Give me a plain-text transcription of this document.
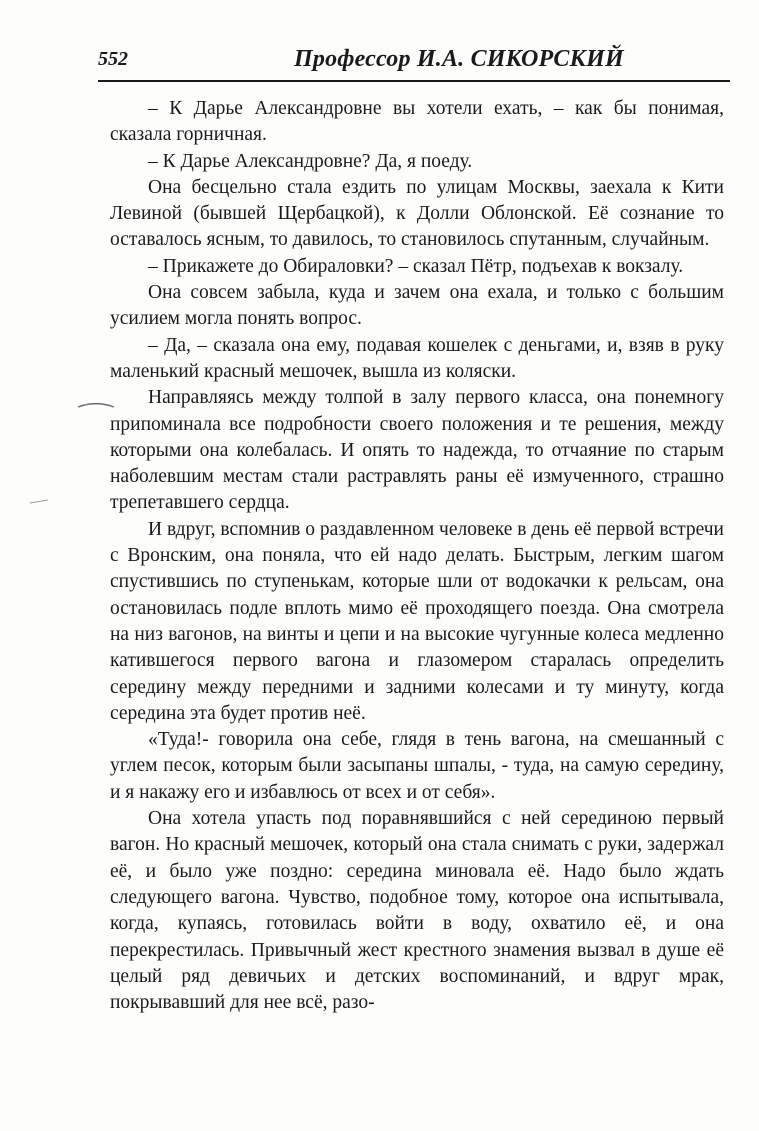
552	Профессор И.А. СИКОРСКИЙ

– К Дарье Александровне вы хотели ехать, – как бы понимая, сказала горничная.

– К Дарье Александровне? Да, я поеду.

Она бесцельно стала ездить по улицам Москвы, заехала к Кити Левиной (бывшей Щербацкой), к Долли Облонской. Её сознание то оставалось ясным, то давилось, то становилось спутанным, случайным.

– Прикажете до Обираловки? – сказал Пётр, подъехав к вокзалу.

Она совсем забыла, куда и зачем она ехала, и только с большим усилием могла понять вопрос.

– Да, – сказала она ему, подавая кошелек с деньгами, и, взяв в руку маленький красный мешочек, вышла из коляски.

Направляясь между толпой в залу первого класса, она понемногу припоминала все подробности своего положения и те решения, между которыми она колебалась. И опять то надежда, то отчаяние по старым наболевшим местам стали растравлять раны её измученного, страшно трепетавшего сердца.

И вдруг, вспомнив о раздавленном человеке в день её первой встречи с Вронским, она поняла, что ей надо делать. Быстрым, легким шагом спустившись по ступенькам, которые шли от водокачки к рельсам, она остановилась подле вплоть мимо её проходящего поезда. Она смотрела на низ вагонов, на винты и цепи и на высокие чугунные колеса медленно катившегося первого вагона и глазомером старалась определить середину между передними и задними колесами и ту минуту, когда середина эта будет против неё.

«Туда!- говорила она себе, глядя в тень вагона, на смешанный с углем песок, которым были засыпаны шпалы, - туда, на самую середину, и я накажу его и избавлюсь от всех и от себя».

Она хотела упасть под поравнявшийся с ней серединою первый вагон. Но красный мешочек, который она стала снимать с руки, задержал её, и было уже поздно: середина миновала её. Надо было ждать следующего вагона. Чувство, подобное тому, которое она испытывала, когда, купаясь, готовилась войти в воду, охватило её, и она перекрестилась. Привычный жест крестного знамения вызвал в душе её целый ряд девичьих и детских воспоминаний, и вдруг мрак, покрывавший для нее всё, разо-
